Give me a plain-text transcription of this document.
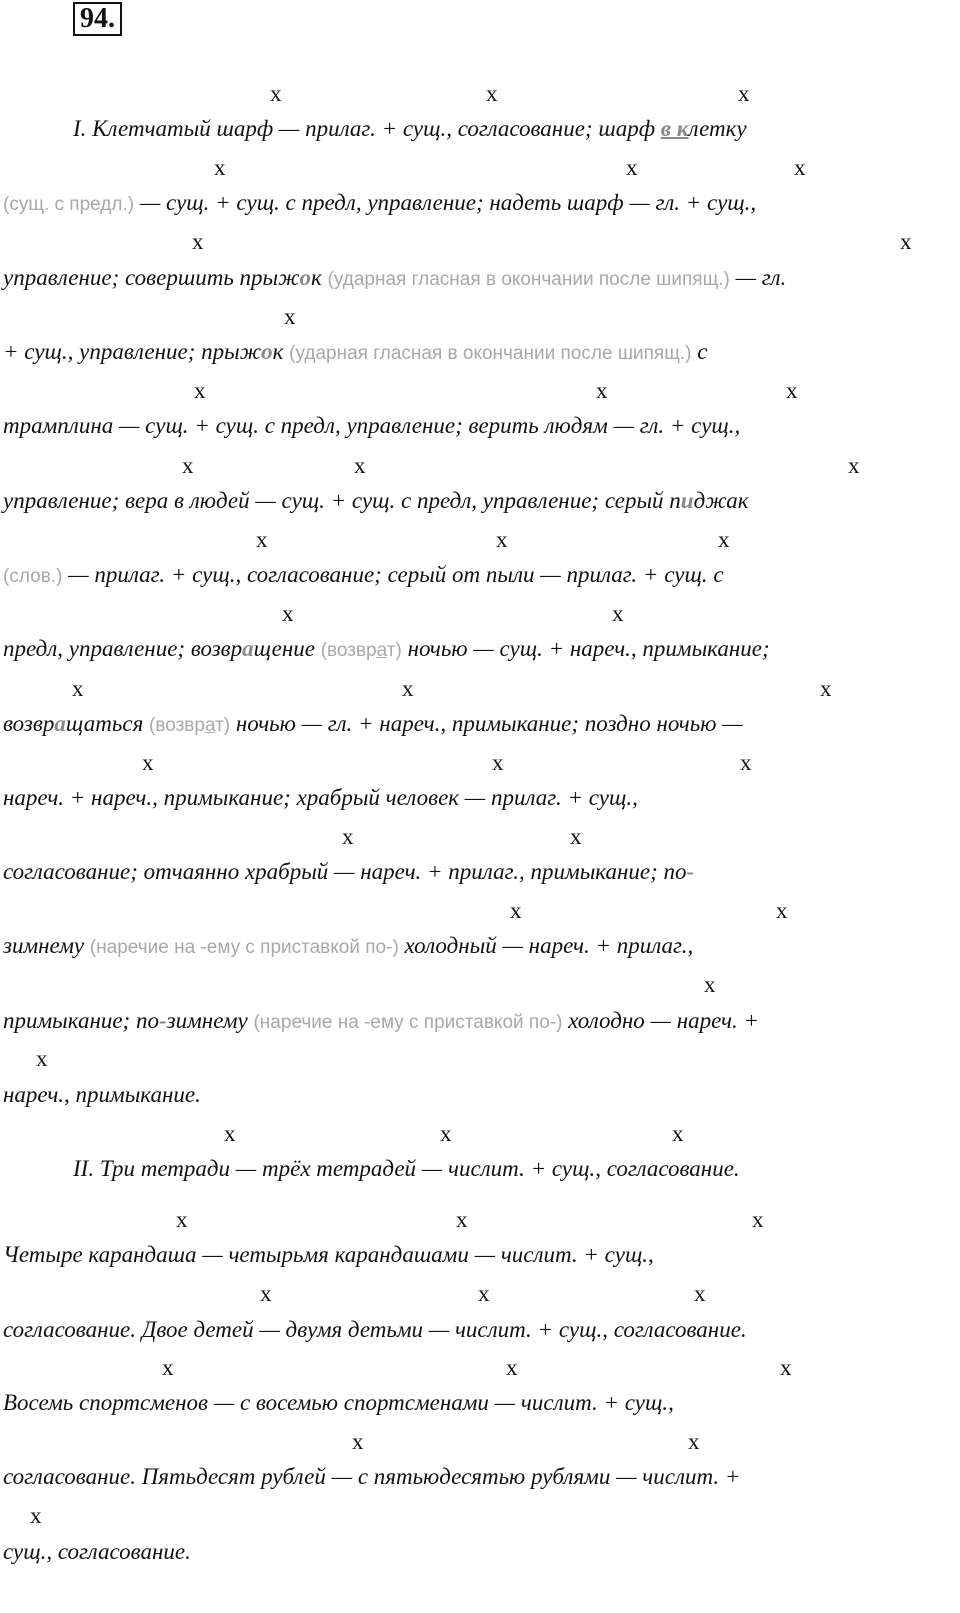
94.
x	x	x
I. Клетчатый шарф — прилаг. + сущ., согласование; шарф в клетку
x	x	x
(сущ. с предл.) — сущ. + сущ. с предл, управление; надеть шарф — гл. + сущ.,
x	x
управление; совершить прыжок (ударная гласная в окончании после шипящ.) — гл.
x
+ сущ., управление; прыжок (ударная гласная в окончании после шипящ.) с
x	x	x
трамплина — сущ. + сущ. с предл, управление; верить людям — гл. + сущ.,
x	x	x
управление; вера в людей — сущ. + сущ. с предл, управление; серый пиджак
x	x	x
(слов.) — прилаг. + сущ., согласование; серый от пыли — прилаг. + сущ. с
x	x
предл, управление; возвращение (возврат) ночью — сущ. + нареч., примыкание;
x	x	x
возвращаться (возврат) ночью — гл. + нареч., примыкание; поздно ночью —
x	x	x
нареч. + нареч., примыкание; храбрый человек — прилаг. + сущ.,
x	x
согласование; отчаянно храбрый — нареч. + прилаг., примыкание; по-
x	x
зимнему (наречие на -ему с приставкой по-) холодный — нареч. + прилаг.,
x
примыкание; по-зимнему (наречие на -ему с приставкой по-) холодно — нареч. +
x
нареч., примыкание.
x	x	x
II. Три тетради — трёх тетрадей — числит. + сущ., согласование.
x	x	x
Четыре карандаша — четырьмя карандашами — числит. + сущ.,
x	x	x
согласование. Двое детей — двумя детьми — числит. + сущ., согласование.
x	x	x
Восемь спортсменов — с восемью спортсменами — числит. + сущ.,
x	x
согласование. Пятьдесят рублей — с пятьюдесятью рублями — числит. +
x
сущ., согласование.
